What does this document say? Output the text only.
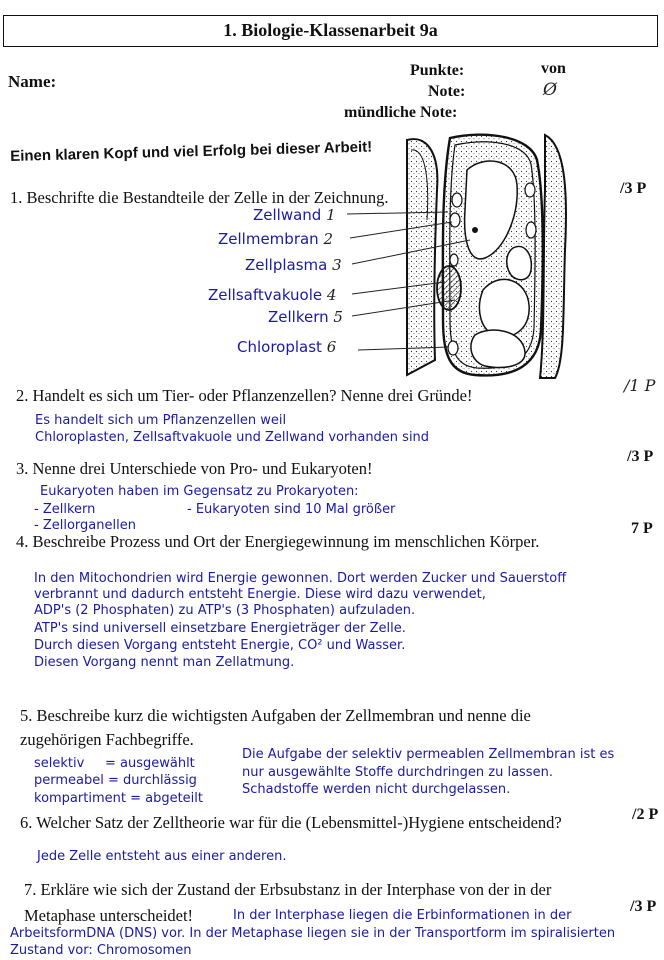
1. Biologie-Klassenarbeit 9a
Name:
Punkte:
Note:
mündliche Note:
von
Ø
Einen klaren Kopf und viel Erfolg bei dieser Arbeit!
1. Beschrifte die Bestandteile der Zelle in der Zeichnung.	/3 P
Zellwand 1
Zellmembran 2
Zellplasma 3
Zellsaftvakuole 4
Zellkern 5
Chloroplast 6
2. Handelt es sich um Tier- oder Pflanzenzellen? Nenne drei Gründe!
/1 P
Es handelt sich um Pflanzenzellen weil
Chloroplasten, Zellsaftvakuole und Zellwand vorhanden sind
3. Nenne drei Unterschiede von Pro- und Eukaryoten!
/3 P
Eukaryoten haben im Gegensatz zu Prokaryoten:
- Zellkern
- Zellorganellen
- Eukaryoten sind 10 Mal größer
4. Beschreibe Prozess und Ort der Energiegewinnung im menschlichen Körper.
7 P
In den Mitochondrien wird Energie gewonnen. Dort werden Zucker und Sauerstoff
verbrannt und dadurch entsteht Energie. Diese wird dazu verwendet,
ADP's (2 Phosphaten) zu ATP's (3 Phosphaten) aufzuladen.
ATP's sind universell einsetzbare Energieträger der Zelle.
Durch diesen Vorgang entsteht Energie, CO² und Wasser.
Diesen Vorgang nennt man Zellatmung.
5. Beschreibe kurz die wichtigsten Aufgaben der Zellmembran und nenne die
zugehörigen Fachbegriffe.
selektiv     = ausgewählt
permeabel = durchlässig
kompartiment = abgeteilt
Die Aufgabe der selektiv permeablen Zellmembran ist es
nur ausgewählte Stoffe durchdringen zu lassen.
Schadstoffe werden nicht durchgelassen.
6. Welcher Satz der Zelltheorie war für die (Lebensmittel-)Hygiene entscheidend?	/2 P
Jede Zelle entsteht aus einer anderen.
7. Erkläre wie sich der Zustand der Erbsubstanz in der Interphase von der in der
Metaphase unterscheidet!	/3 P
In der Interphase liegen die Erbinformationen in der
ArbeitsformDNA (DNS) vor. In der Metaphase liegen sie in der Transportform im spiralisierten
Zustand vor: Chromosomen
